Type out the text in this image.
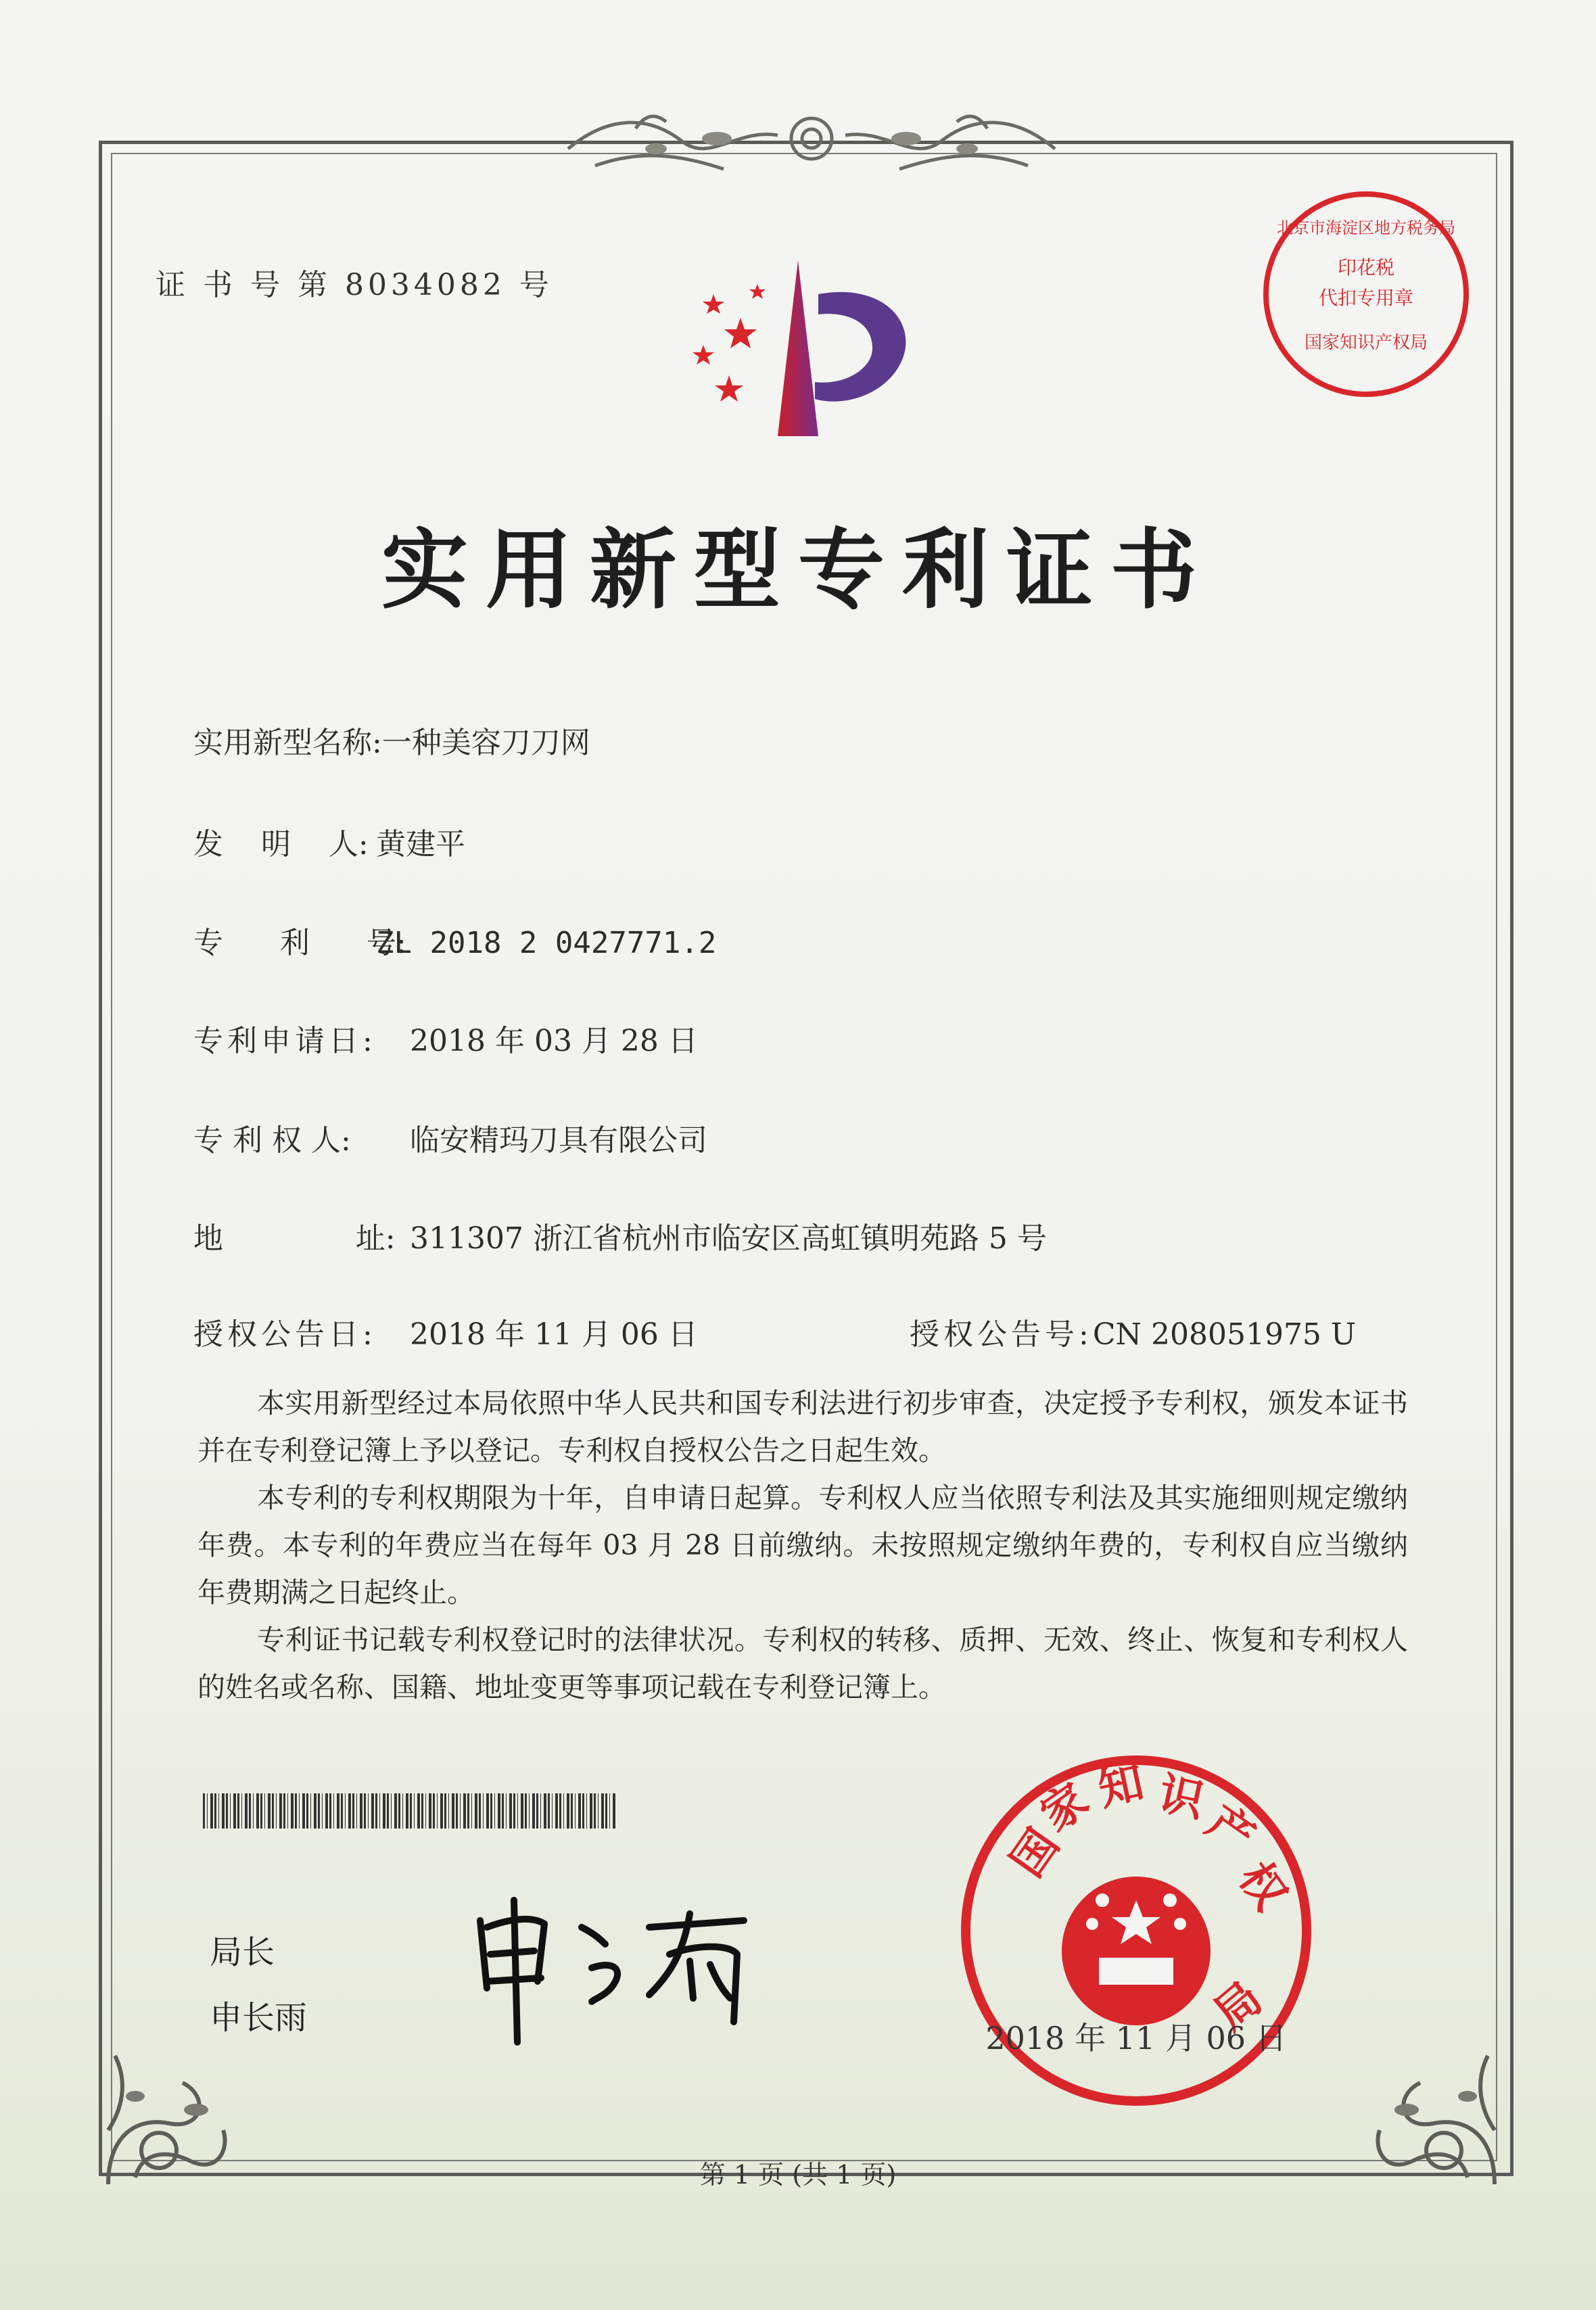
证 书 号 第 8034082 号
印花税
代扣专用章
国家知识产权局
北京市海淀区地方税务局
实用新型专利证书
实用新型名称:一种美容刀刀网
发    明    人: 黄建平
专      利      号:ZL 2018 2 0427771.2
专利申请日: 2018 年 03 月 28 日
专 利 权 人: 临安精玛刀具有限公司
地              址: 311307 浙江省杭州市临安区高虹镇明苑路 5 号
授权公告日: 2018 年 11 月 06 日	授权公告号:CN 208051975 U

本实用新型经过本局依照中华人民共和国专利法进行初步审查，决定授予专利权，颁发本证书并在专利登记簿上予以登记。专利权自授权公告之日起生效。

本专利的专利权期限为十年，自申请日起算。专利权人应当依照专利法及其实施细则规定缴纳年费。本专利的年费应当在每年 03 月 28 日前缴纳。未按照规定缴纳年费的，专利权自应当缴纳年费期满之日起终止。

专利证书记载专利权登记时的法律状况。专利权的转移、质押、无效、终止、恢复和专利权人的姓名或名称、国籍、地址变更等事项记载在专利登记簿上。

局长
申长雨
国
家
知 识
产
权
局
2018 年 11 月 06 日
第 1 页 (共 1 页)
